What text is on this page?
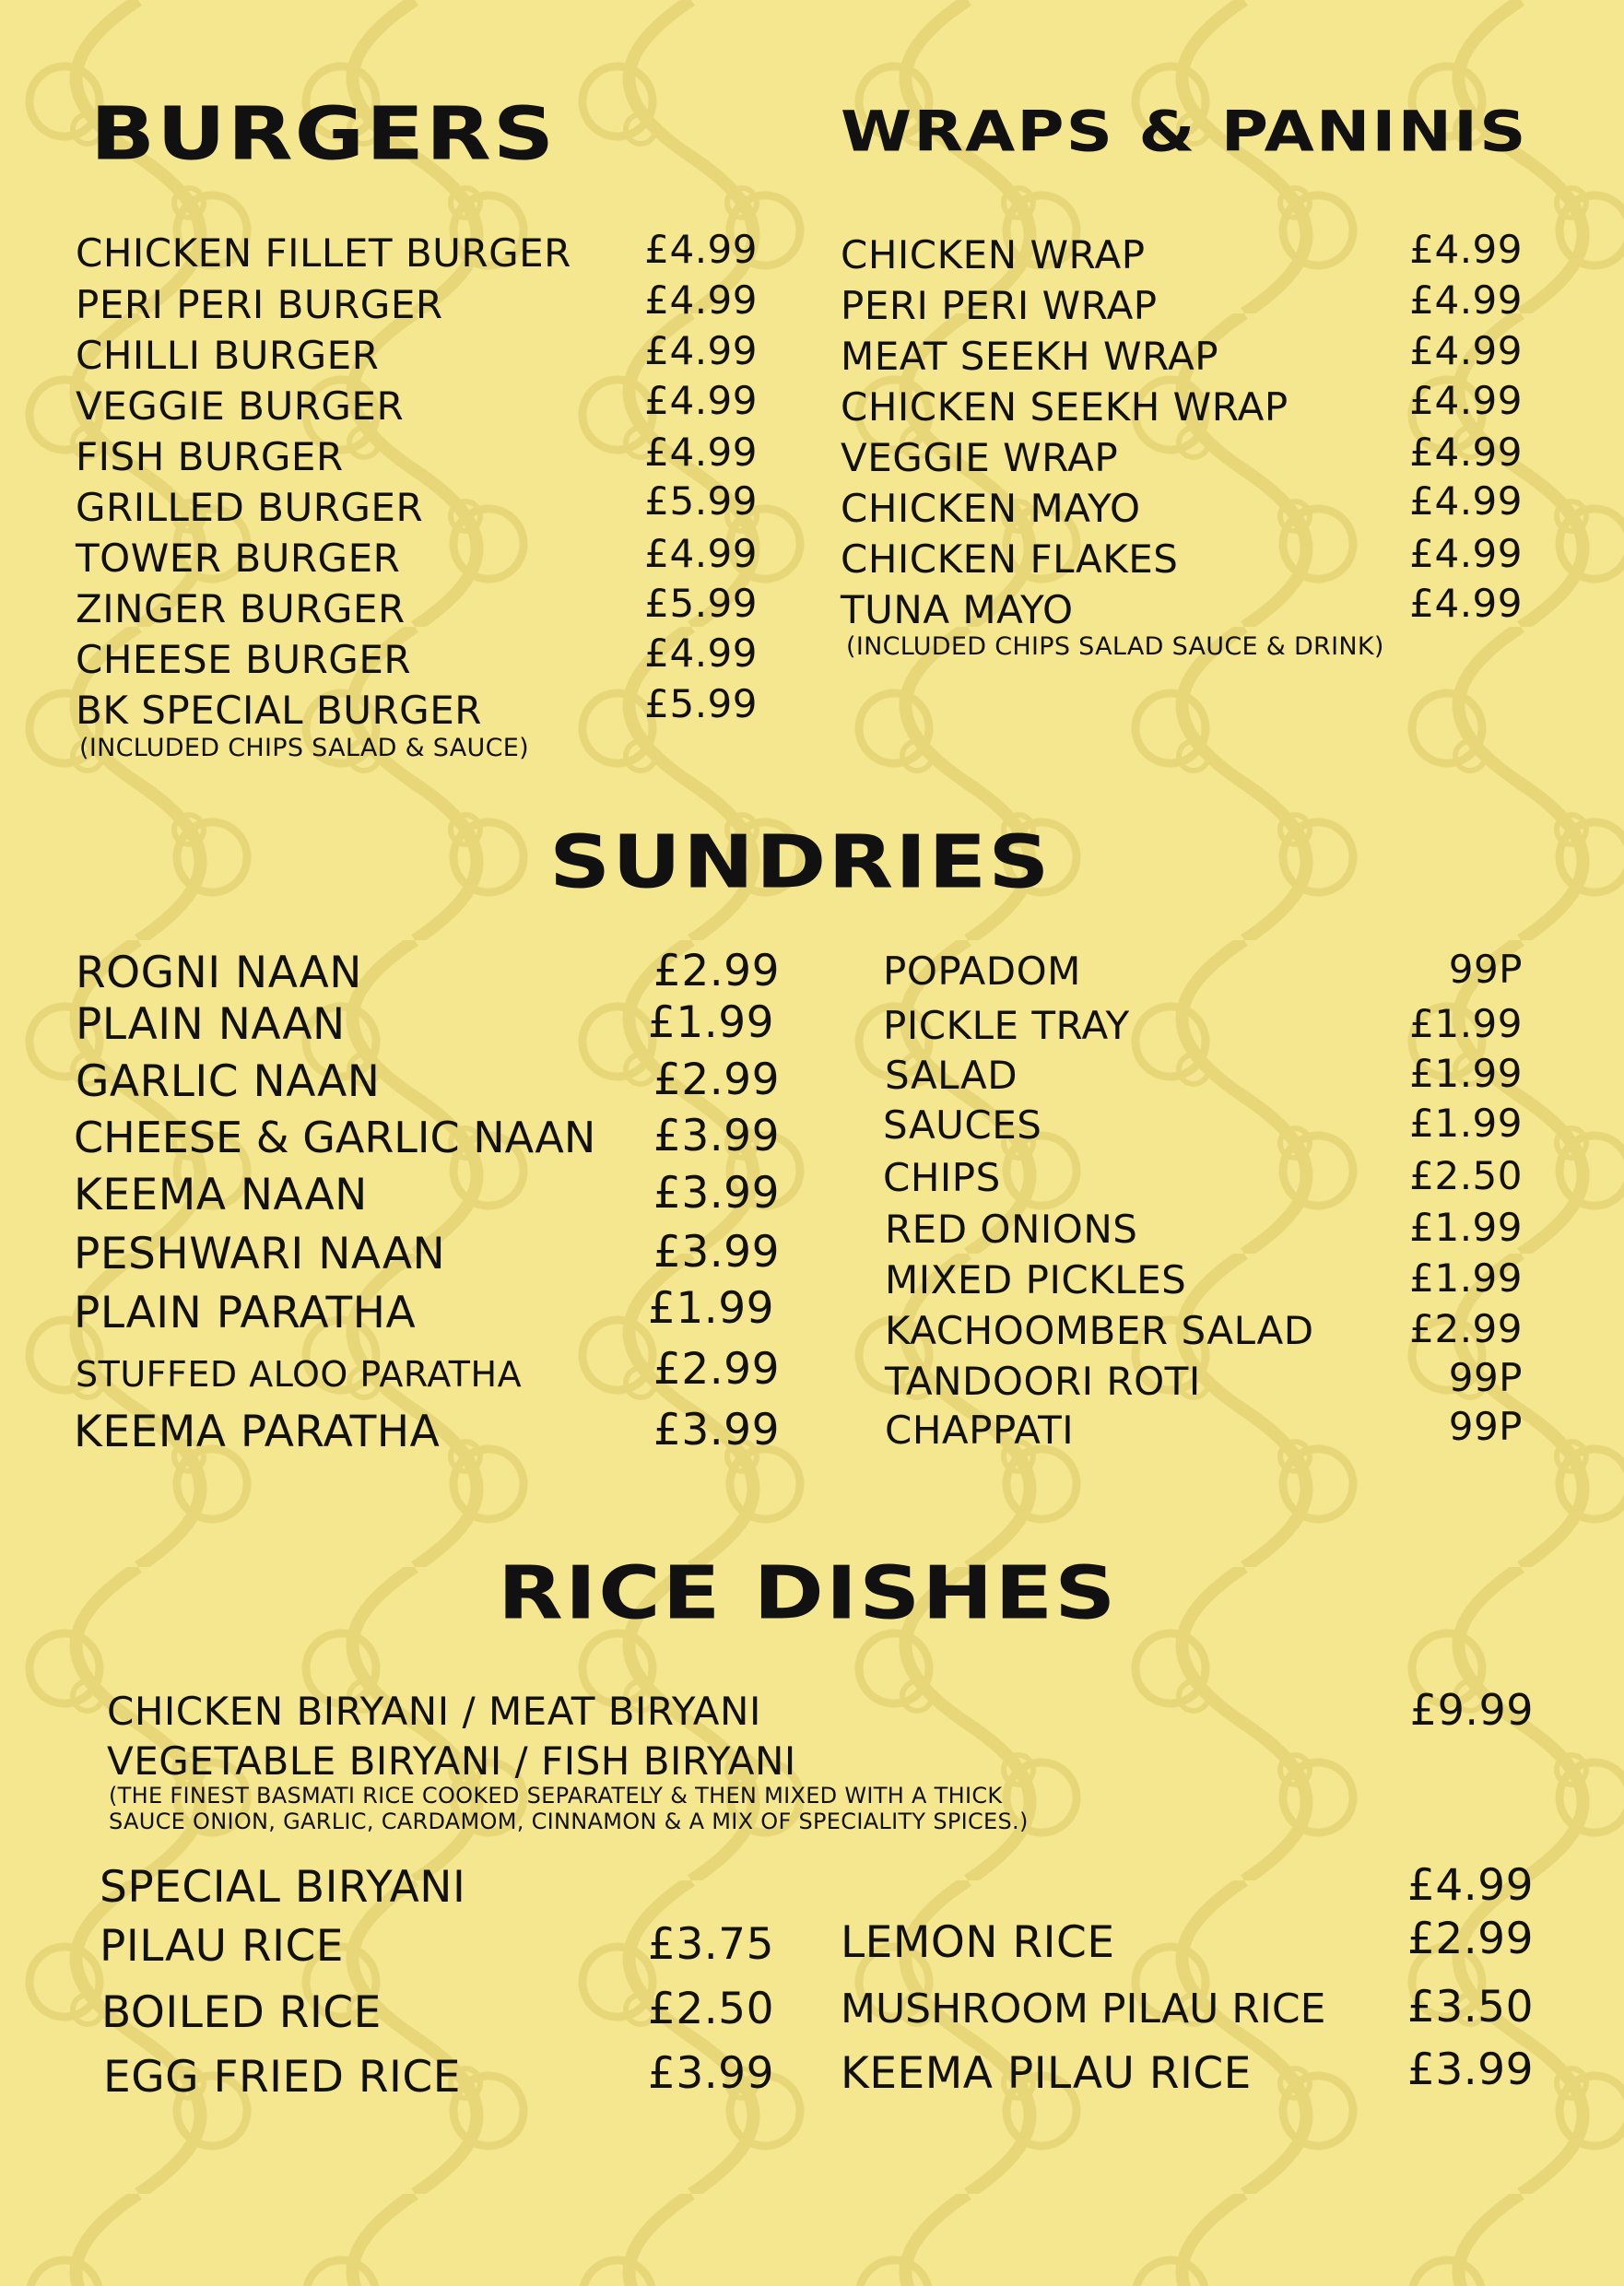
BURGERS
CHICKEN FILLET BURGER	£4.99
PERI PERI BURGER	£4.99
CHILLI BURGER	£4.99
VEGGIE BURGER	£4.99
FISH BURGER	£4.99
GRILLED BURGER	£5.99
TOWER BURGER	£4.99
ZINGER BURGER	£5.99
CHEESE BURGER	£4.99
BK SPECIAL BURGER	£5.99
(INCLUDED CHIPS SALAD & SAUCE)
WRAPS & PANINIS
CHICKEN WRAP	£4.99
PERI PERI WRAP	£4.99
MEAT SEEKH WRAP	£4.99
CHICKEN SEEKH WRAP	£4.99
VEGGIE WRAP	£4.99
CHICKEN MAYO	£4.99
CHICKEN FLAKES	£4.99
TUNA MAYO	£4.99
(INCLUDED CHIPS SALAD SAUCE & DRINK)
SUNDRIES
ROGNI NAAN	£2.99
PLAIN NAAN	£1.99
GARLIC NAAN	£2.99
CHEESE & GARLIC NAAN	£3.99
KEEMA NAAN	£3.99
PESHWARI NAAN	£3.99
PLAIN PARATHA	£1.99
STUFFED ALOO PARATHA	£2.99
KEEMA PARATHA	£3.99
POPADOM	99P
PICKLE TRAY	£1.99
SALAD	£1.99
SAUCES	£1.99
CHIPS	£2.50
RED ONIONS	£1.99
MIXED PICKLES	£1.99
KACHOOMBER SALAD	£2.99
TANDOORI ROTI	99P
CHAPPATI	99P
RICE DISHES
CHICKEN BIRYANI / MEAT BIRYANI	£9.99
VEGETABLE BIRYANI / FISH BIRYANI
(THE FINEST BASMATI RICE COOKED SEPARATELY & THEN MIXED WITH A THICK
SAUCE ONION, GARLIC, CARDAMOM, CINNAMON & A MIX OF SPECIALITY SPICES.)
SPECIAL BIRYANI	£4.99
PILAU RICE	£3.75
BOILED RICE	£2.50
EGG FRIED RICE	£3.99
LEMON RICE	£2.99
MUSHROOM PILAU RICE	£3.50
KEEMA PILAU RICE	£3.99
